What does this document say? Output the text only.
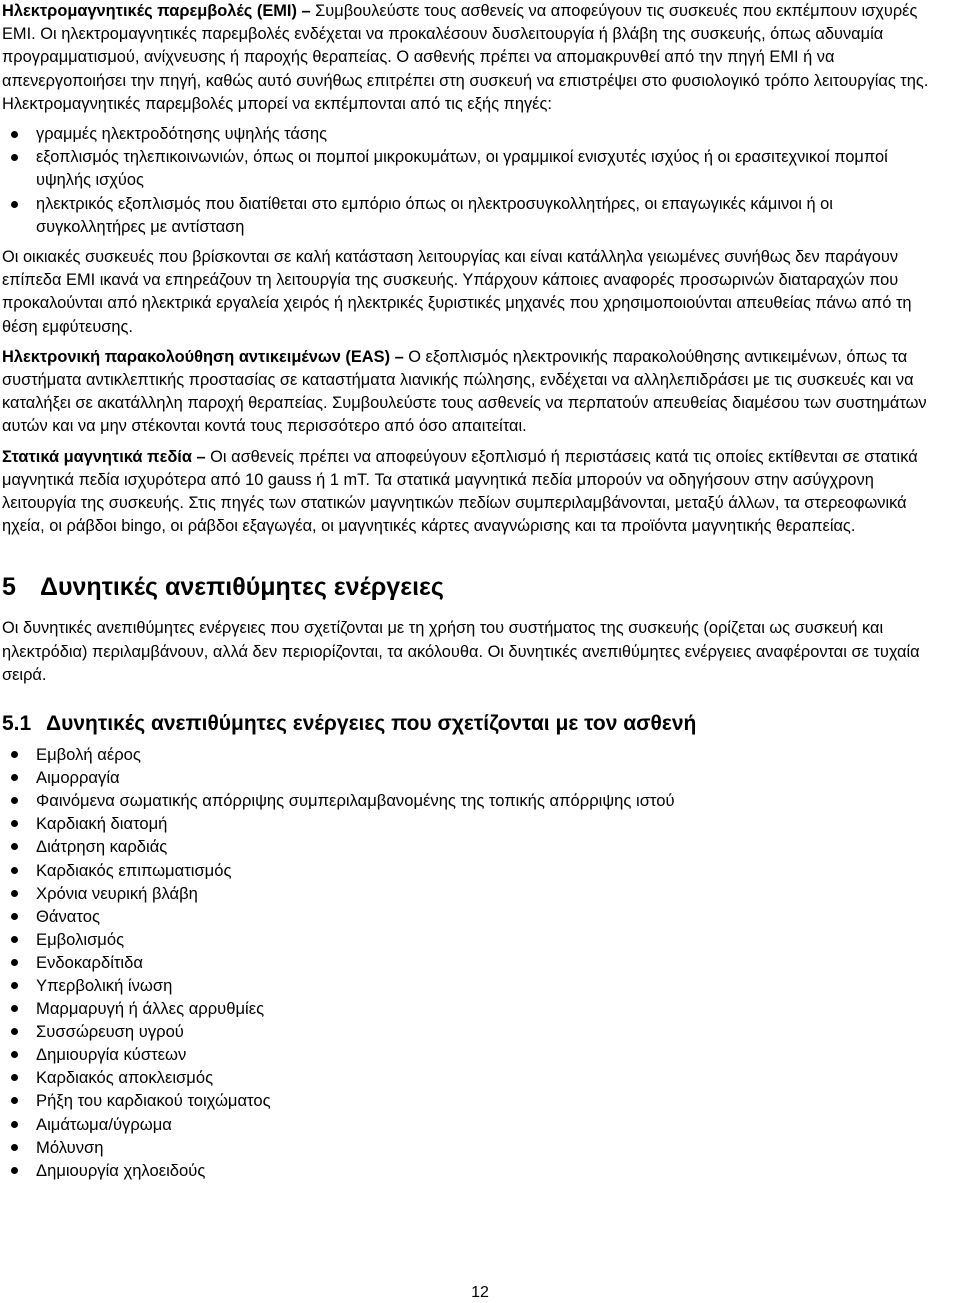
Ηλεκτρομαγνητικές παρεμβολές (EMI) – Συμβουλεύστε τους ασθενείς να αποφεύγουν τις συσκευές που εκπέμπουν ισχυρές EMI. Οι ηλεκτρομαγνητικές παρεμβολές ενδέχεται να προκαλέσουν δυσλειτουργία ή βλάβη της συσκευής, όπως αδυναμία προγραμματισμού, ανίχνευσης ή παροχής θεραπείας. Ο ασθενής πρέπει να απομακρυνθεί από την πηγή EMI ή να απενεργοποιήσει την πηγή, καθώς αυτό συνήθως επιτρέπει στη συσκευή να επιστρέψει στο φυσιολογικό τρόπο λειτουργίας της. Ηλεκτρομαγνητικές παρεμβολές μπορεί να εκπέμπονται από τις εξής πηγές:

γραμμές ηλεκτροδότησης υψηλής τάσης
εξοπλισμός τηλεπικοινωνιών, όπως οι πομποί μικροκυμάτων, οι γραμμικοί ενισχυτές ισχύος ή οι ερασιτεχνικοί πομποί υψηλής ισχύος
ηλεκτρικός εξοπλισμός που διατίθεται στο εμπόριο όπως οι ηλεκτροσυγκολλητήρες, οι επαγωγικές κάμινοι ή οι συγκολλητήρες με αντίσταση

Οι οικιακές συσκευές που βρίσκονται σε καλή κατάσταση λειτουργίας και είναι κατάλληλα γειωμένες συνήθως δεν παράγουν επίπεδα EMI ικανά να επηρεάζουν τη λειτουργία της συσκευής. Υπάρχουν κάποιες αναφορές προσωρινών διαταραχών που προκαλούνται από ηλεκτρικά εργαλεία χειρός ή ηλεκτρικές ξυριστικές μηχανές που χρησιμοποιούνται απευθείας πάνω από τη θέση εμφύτευσης.

Ηλεκτρονική παρακολούθηση αντικειμένων (EAS) – Ο εξοπλισμός ηλεκτρονικής παρακολούθησης αντικειμένων, όπως τα συστήματα αντικλεπτικής προστασίας σε καταστήματα λιανικής πώλησης, ενδέχεται να αλληλεπιδράσει με τις συσκευές και να καταλήξει σε ακατάλληλη παροχή θεραπείας. Συμβουλεύστε τους ασθενείς να περπατούν απευθείας διαμέσου των συστημάτων αυτών και να μην στέκονται κοντά τους περισσότερο από όσο απαιτείται.

Στατικά μαγνητικά πεδία – Οι ασθενείς πρέπει να αποφεύγουν εξοπλισμό ή περιστάσεις κατά τις οποίες εκτίθενται σε στατικά μαγνητικά πεδία ισχυρότερα από 10 gauss ή 1 mT. Τα στατικά μαγνητικά πεδία μπορούν να οδηγήσουν στην ασύγχρονη λειτουργία της συσκευής. Στις πηγές των στατικών μαγνητικών πεδίων συμπεριλαμβάνονται, μεταξύ άλλων, τα στερεοφωνικά ηχεία, οι ράβδοι bingo, οι ράβδοι εξαγωγέα, οι μαγνητικές κάρτες αναγνώρισης και τα προϊόντα μαγνητικής θεραπείας.

5 Δυνητικές ανεπιθύμητες ενέργειες

Οι δυνητικές ανεπιθύμητες ενέργειες που σχετίζονται με τη χρήση του συστήματος της συσκευής (ορίζεται ως συσκευή και ηλεκτρόδια) περιλαμβάνουν, αλλά δεν περιορίζονται, τα ακόλουθα. Οι δυνητικές ανεπιθύμητες ενέργειες αναφέρονται σε τυχαία σειρά.

5.1 Δυνητικές ανεπιθύμητες ενέργειες που σχετίζονται με τον ασθενή
Εμβολή αέρος
Αιμορραγία
Φαινόμενα σωματικής απόρριψης συμπεριλαμβανομένης της τοπικής απόρριψης ιστού
Καρδιακή διατομή
Διάτρηση καρδιάς
Καρδιακός επιπωματισμός
Χρόνια νευρική βλάβη
Θάνατος
Εμβολισμός
Ενδοκαρδίτιδα
Υπερβολική ίνωση
Μαρμαρυγή ή άλλες αρρυθμίες
Συσσώρευση υγρού
Δημιουργία κύστεων
Καρδιακός αποκλεισμός
Ρήξη του καρδιακού τοιχώματος
Αιμάτωμα/ύγρωμα
Μόλυνση
Δημιουργία χηλοειδούς
12
